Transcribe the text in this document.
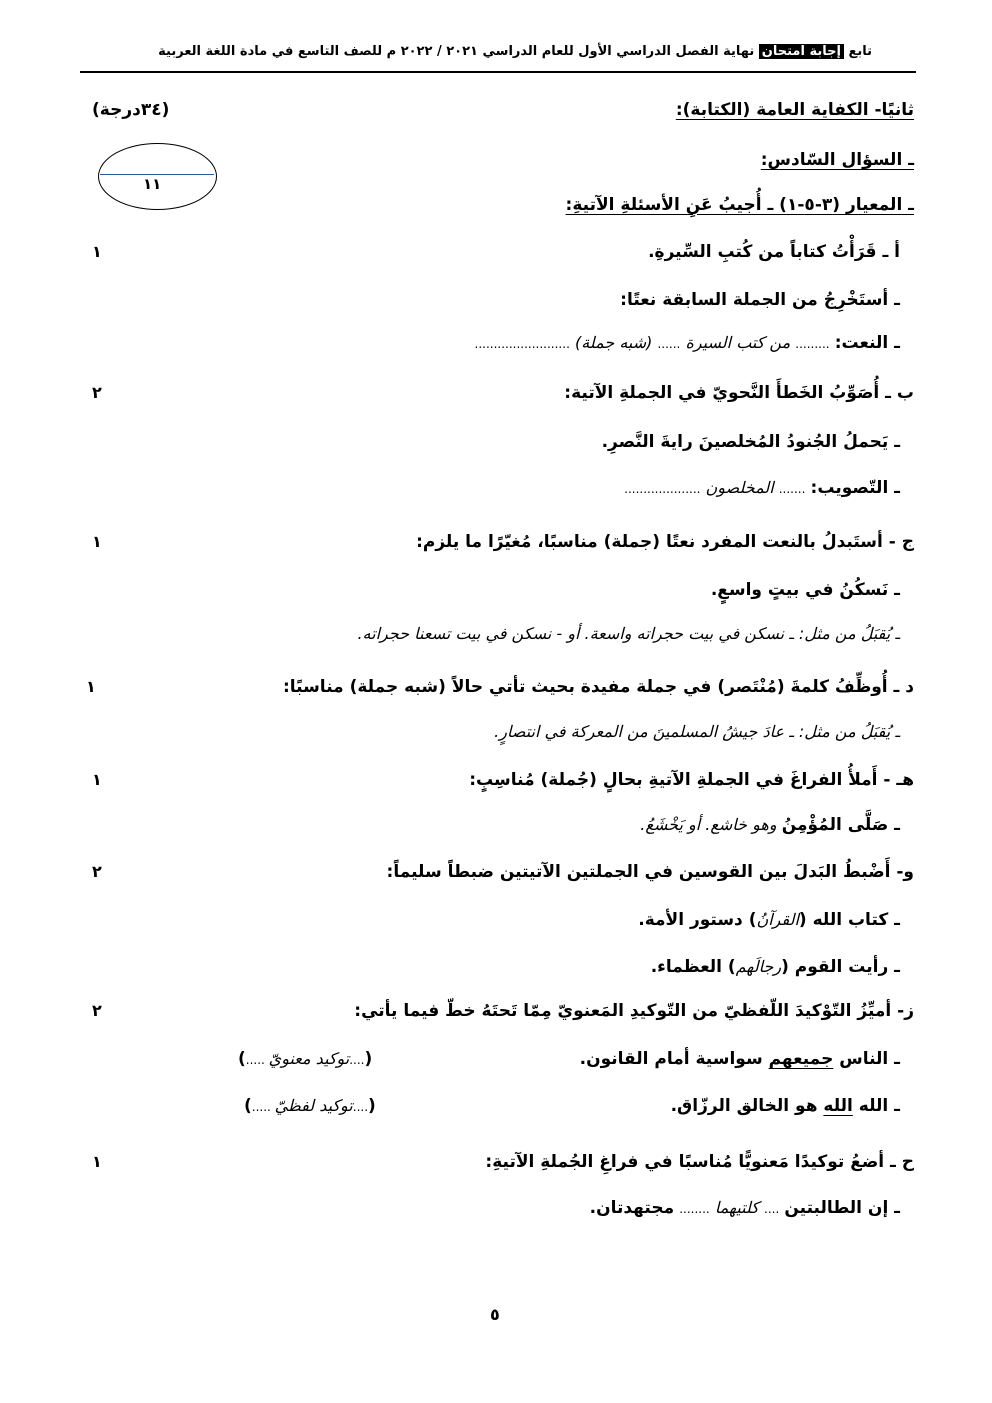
تابع إجابة امتحان نهاية الفصل الدراسي الأول للعام الدراسي ٢٠٢١ / ٢٠٢٢ م للصف التاسع في مادة اللغة العربية
ثانيًا- الكفاية العامة (الكتابة):
(٣٤درجة)
١١
ـ السؤال السّادس:
ـ المعيار (٣-٥-١) ـ أُجيبُ عَنِ الأسئلةِ الآتيةِ:
أ ـ قَرَأْتُ كتاباً من كُتبِ السِّيرةِ.
١
ـ أستَخْرِجُ من الجملة السابقة نعتًا:
ـ النعت: ......... من كتب السيرة ...... (شبه جملة) .........................
ب ـ أُصَوِّبُ الخَطأَ النَّحويّ في الجملةِ الآتية:
٢
ـ يَحملُ الجُنودُ المُخلصينَ رايةَ النَّصرِ.
ـ التّصويب: ....... المخلصون ....................
ج - أستَبدلُ بالنعت المفرد نعتًا (جملة) مناسبًا، مُغيّرًا ما يلزم:
١
ـ نَسكُنُ في بيتٍ واسعٍ.
ـ يُقبَلُ من مثل: ـ نسكن في بيت حجراته واسعة. أو - نسكن في بيت تسعنا حجراته.
د ـ أُوظِّفُ كلمةَ (مُنْتَصر) في جملة مفيدة بحيث تأتي حالاً (شبه جملة) مناسبًا:
١
ـ يُقبَلُ من مثل: ـ عادَ جيشُ المسلمينَ من المعركة في انتصارٍ.
هـ - أَملأُ الفراغَ في الجملةِ الآتيةِ بحالٍ (جُملة) مُناسِبٍ:
١
ـ صَلَّى المُؤْمِنُ وهو خاشع. أو يَخْشَعُ.
و- أَضْبطُ البَدلَ بين القوسين في الجملتين الآتيتين ضبطاً سليماً:
٢
ـ كتاب الله (القرآنُ) دستور الأمة.
ـ رأيت القوم (رجالَهم) العظماء.
ز- أميِّزُ التّوْكيدَ اللّفظيّ من التّوكيدِ المَعنويّ مِمّا تَحتَهُ خطّ فيما يأتي:
٢
ـ الناس جميعهم سواسية أمام القانون.
(....توكيد معنويّ .....)
ـ الله الله هو الخالق الرزّاق.
(....توكيد لفظيّ .....)
ح ـ أضعُ توكيدًا مَعنويًّا مُناسبًا في فراغِ الجُملةِ الآتيةِ:
١
ـ إن الطالبتين .... كلتيهما ........ مجتهدتان.
٥
